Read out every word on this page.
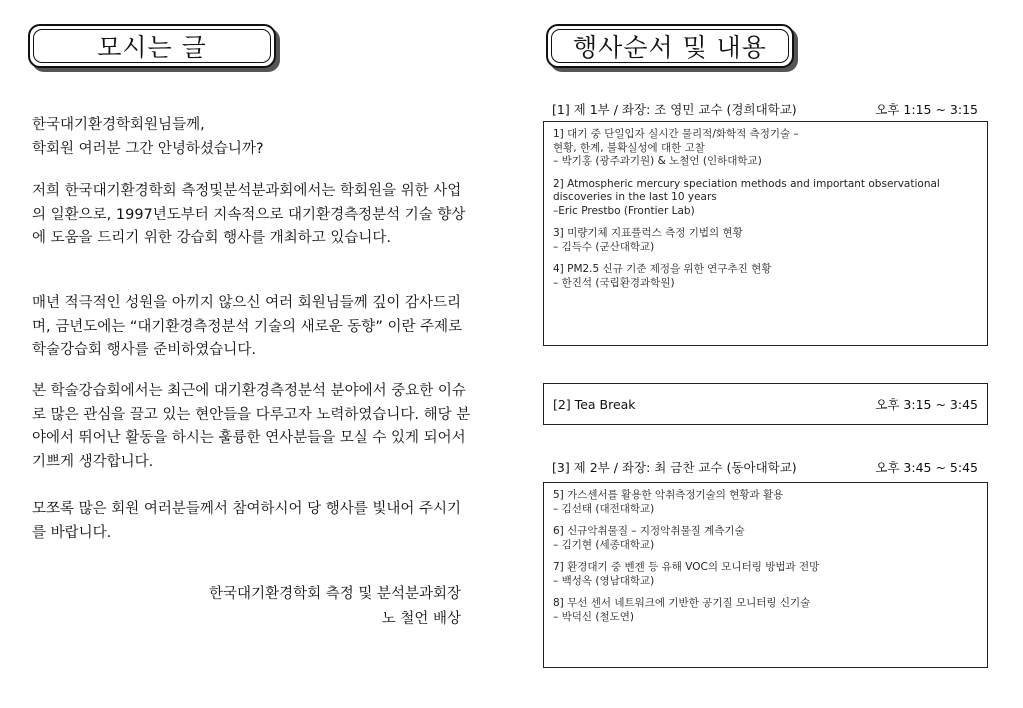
모시는 글
한국대기환경학회원님들께,
학회원 여러분 그간 안녕하셨습니까?
저희 한국대기환경학회 측정및분석분과회에서는 학회원을 위한 사업의 일환으로, 1997년도부터 지속적으로 대기환경측정분석 기술 향상에 도움을 드리기 위한 강습회 행사를 개최하고 있습니다.
매년 적극적인 성원을 아끼지 않으신 여러 회원님들께 깊이 감사드리며, 금년도에는 “대기환경측정분석 기술의 새로운 동향” 이란 주제로 학술강습회 행사를 준비하였습니다.
본 학술강습회에서는 최근에 대기환경측정분석 분야에서 중요한 이슈로 많은 관심을 끌고 있는 현안들을 다루고자 노력하였습니다. 해당 분야에서 뛰어난 활동을 하시는 훌륭한 연사분들을 모실 수 있게 되어서 기쁘게 생각합니다.
모쪼록 많은 회원 여러분들께서 참여하시어 당 행사를 빛내어 주시기를 바랍니다.
한국대기환경학회 측정 및 분석분과회장
노 철언 배상
행사순서 및 내용
[1] 제 1부 / 좌장: 조 영민 교수 (경희대학교)	오후 1:15 ~ 3:15
1] 대기 중 단일입자 실시간 물리적/화학적 측정기술 –
현황, 한계, 불확실성에 대한 고찰
– 박기홍 (광주과기원) & 노철언 (인하대학교)
2] Atmospheric mercury speciation methods and important observational discoveries in the last 10 years
–Eric Prestbo (Frontier Lab)
3] 미량기체 지표플럭스 측정 기법의 현황
– 김득수 (군산대학교)
4] PM2.5 신규 기준 제정을 위한 연구추진 현황
– 한진석 (국립환경과학원)
[2] Tea Break	오후 3:15 ~ 3:45
[3] 제 2부 / 좌장: 최 금찬 교수 (동아대학교)	오후 3:45 ~ 5:45
5] 가스센서를 활용한 악취측정기술의 현황과 활용
– 김선태 (대전대학교)
6] 신규악취물질 – 지정악취물질 계측기술
– 김기현 (세종대학교)
7] 환경대기 중 벤젠 등 유해 VOC의 모니터링 방법과 전망
– 백성옥 (영남대학교)
8] 무선 센서 네트워크에 기반한 공기질 모니터링 신기술
– 박덕신 (철도연)
